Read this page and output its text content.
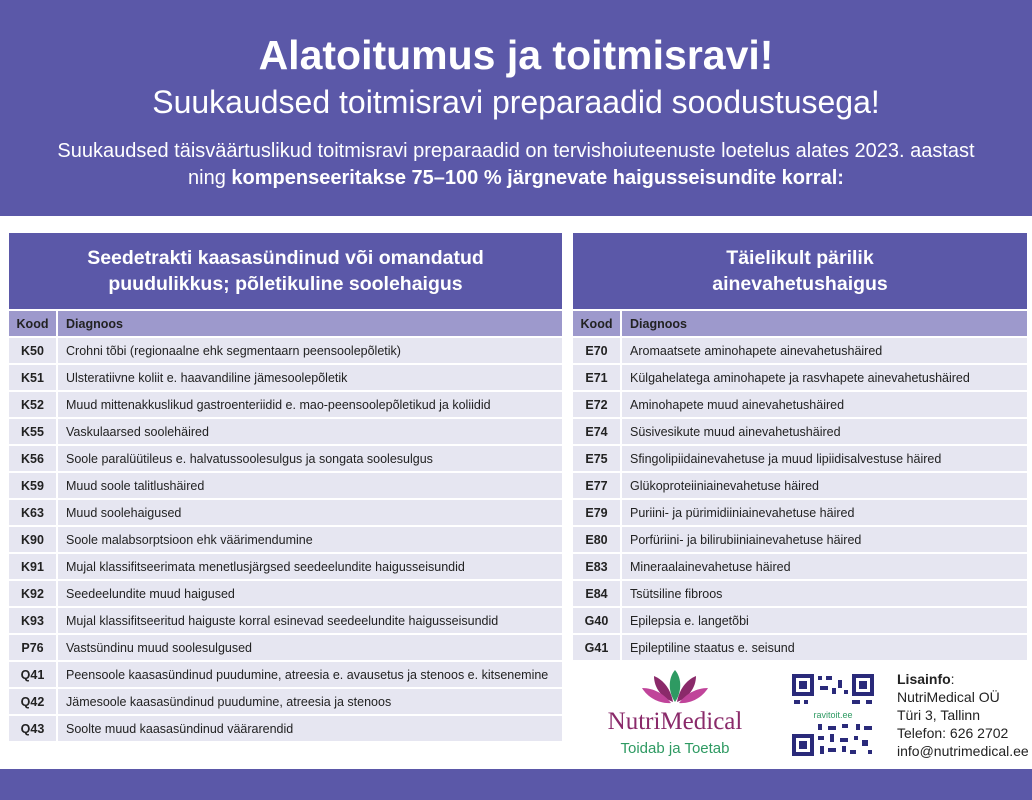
Alatoitumus ja toitmisravi!
Suukaudsed toitmisravi preparaadid soodustusega!
Suukaudsed täisväärtuslikud toitmisravi preparaadid on tervishoiuteenuste loetelus alates 2023. aastast
ning kompenseeritakse 75–100 % järgnevate haigusseisundite korral:
Seedetrakti kaasasündinud või omandatud
puudulikkus; põletikuline soolehaigus
Kood	Diagnoos
K50	Crohni tõbi (regionaalne ehk segmentaarn peensoolepõletik)
K51	Ulsteratiivne koliit e. haavandiline jämesoolepõletik
K52	Muud mittenakkuslikud gastroenteriidid e. mao-peensoolepõletikud ja koliidid
K55	Vaskulaarsed soolehäired
K56	Soole paralüütileus e. halvatussoolesulgus ja songata soolesulgus
K59	Muud soole talitlushäired
K63	Muud soolehaigused
K90	Soole malabsorptsioon ehk väärimendumine
K91	Mujal klassifitseerimata menetlusjärgsed seedeelundite haigusseisundid
K92	Seedeelundite muud haigused
K93	Mujal klassifitseeritud haiguste korral esinevad seedeelundite haigusseisundid
P76	Vastsündinu muud soolesulgused
Q41	Peensoole kaasasündinud puudumine, atreesia e. avausetus ja stenoos e. kitsenemine
Q42	Jämesoole kaasasündinud puudumine, atreesia ja stenoos
Q43	Soolte muud kaasasündinud väärarendid
Täielikult pärilik
ainevahetushaigus
Kood	Diagnoos
E70	Aromaatsete aminohapete ainevahetushäired
E71	Külgahelatega aminohapete ja rasvhapete ainevahetushäired
E72	Aminohapete muud ainevahetushäired
E74	Süsivesikute muud ainevahetushäired
E75	Sfingolipiidainevahetuse ja muud lipiidisalvestuse häired
E77	Glükoproteiiniainevahetuse häired
E79	Puriini- ja pürimidiiniainevahetuse häired
E80	Porfüriini- ja bilirubiiniainevahetuse häired
E83	Mineraalainevahetuse häired
E84	Tsütsiline fibroos
G40	Epilepsia e. langetõbi
G41	Epileptiline staatus e. seisund
NutriMedical
Toidab ja Toetab
ravitoit.ee
Lisainfo:
NutriMedical OÜ
Türi 3, Tallinn
Telefon: 626 2702
info@nutrimedical.ee
